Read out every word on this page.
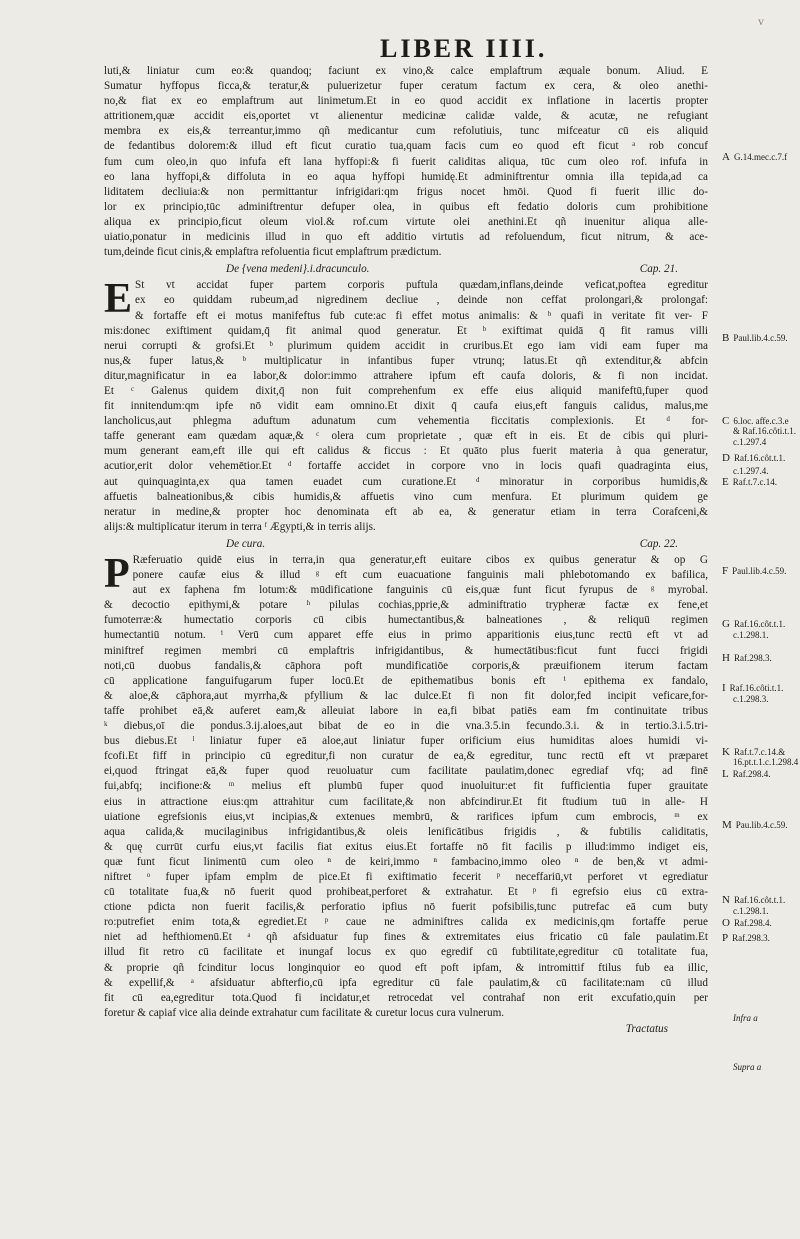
v
LIBER IIII.
luti,& liniatur cum eo:& quandoq; faciunt ex vino,& calce emplaftrum æquale bonum. Aliud. E
Sumatur hyffopus ficca,& teratur,& puluerizetur fuper ceratum factum ex cera, & oleo anethi-
no,& fiat ex eo emplaftrum aut linimetum.Et in eo quod accidit ex inflatione in lacertis propter
attritionem,quæ accidit eis,oportet vt alienentur medicinæ calidæ valde, & acutæ, ne refugiant
membra ex eis,& terreantur,immo qñ medicantur cum refolutiuis, tunc mifceatur cū eis aliquid
de fedantibus dolorem:& illud eft ficut curatio tua,quam facis cum eo quod eft ficut ᵃ rob concuf
fum cum oleo,in quo infufa eft lana hyffopi:& fi fuerit caliditas aliqua, tūc cum oleo rof. infufa in
eo lana hyffopi,& diffoluta in eo aqua hyffopi humidę.Et adminiftrentur omnia illa tepida,ad ca
liditatem decliuia:& non permittantur infrigidari:qm frigus nocet hmōi. Quod fi fuerit illic do-
lor ex principio,tūc adminiftrentur defuper olea, in quibus eft fedatio doloris cum prohibitione
aliqua ex principio,ficut oleum viol.& rof.cum virtute olei anethini.Et qñ inuenitur aliqua alle-
uiatio,ponatur in medicinis illud in quo eft additio virtutis ad refoluendum, ficut nitrum, & ace-
tum,deinde ficut cinis,& emplaftra refoluentia ficut emplaftrum prædictum.
De {vena medeni}.i.dracunculo.	Cap. 21.
E St vt accidat fuper partem corporis puftula quædam,inflans,deinde veficat,poftea egreditur
ex eo quiddam rubeum,ad nigredinem decliue , deinde non ceffat prolongari,& prolongaf:
& fortaffe eft ei motus manifeftus fub cute:ac fi effet motus animalis: & ᵇ quafi in veritate fit ver- F
mis:donec exiftiment quidam,q̄ fit animal quod generatur. Et ᵇ exiftimat quidā q̄ fit ramus villi
nerui corrupti & grofsi.Et ᵇ plurimum quidem accidit in cruribus.Et ego iam vidi eam fuper ma
nus,& fuper latus,& ᵇ multiplicatur in infantibus fuper vtrunq; latus.Et qñ extenditur,& abfcin
ditur,magnificatur in ea labor,& dolor:immo attrahere ipfum eft caufa doloris, & fi non incidat.
Et ᶜ Galenus quidem dixit,q̄ non fuit comprehenfum ex effe eius aliquid manifeftū,fuper quod
fit innitendum:qm ipfe nō vidit eam omnino.Et dixit q̄ caufa eius,eft fanguis calidus, malus,me
lancholicus,aut phlegma aduftum adunatum cum vehementia ficcitatis complexionis. Et ᵈ for-
taffe generant eam quædam aquæ,& ᶜ olera cum proprietate , quæ eft in eis. Et de cibis qui pluri-
mum generant eam,eft ille qui eft calidus & ficcus : Et quāto plus fuerit materia à qua generatur,
acutior,erit dolor vehemētior.Et ᵈ fortaffe accidet in corpore vno in locis quafi quadraginta eius,
aut quinquaginta,ex qua tamen euadet cum curatione.Et ᵈ minoratur in corporibus humidis,&
affuetis balneationibus,& cibis humidis,& affuetis vino cum menfura. Et plurimum quidem ge
neratur in medine,& propter hoc denominata eft ab ea, & generatur etiam in terra Corafceni,&
alijs:& multiplicatur iterum in terra ᶠ Ægypti,& in terris alijs.
De cura.	Cap. 22.
P Ræferuatio quidē eius in terra,in qua generatur,eft euitare cibos ex quibus generatur & op G
ponere caufæ eius & illud ᵍ eft cum euacuatione fanguinis mali phlebotomando ex bafilica,
aut ex faphena fm lotum:& mūdificatione fanguinis cū eis,quæ funt ficut fyrupus de ᵍ myrobal.
& decoctio epithymi,& potare ʰ pilulas cochias,pprie,& adminiftratio trypheræ factæ ex fene,et
fumoterræ:& humectatio corporis cū cibis humectantibus,& balneationes , & reliquū regimen
humectantiū notum. ⁱ Verū cum apparet effe eius in primo apparitionis eius,tunc rectū eft vt ad
miniftref regimen membri cū emplaftris infrigidantibus, & humectātibus:ficut funt fucci frigidi
noti,cū duobus fandalis,& cāphora poft mundificatiōe corporis,& præuifionem iterum factam
cū applicatione fanguifugarum fuper locū.Et de epithematibus bonis eft ⁱ epithema ex fandalo,
& aloe,& cāphora,aut myrrha,& pfyllium & lac dulce.Et fi non fit dolor,fed incipit veficare,for-
taffe prohibet eā,& auferet eam,& alleuiat labore in ea,fi bibat patiēs eam fm continuitate tribus
ᵏ diebus,oī die pondus.3.ij.aloes,aut bibat de eo in die vna.3.5.in fecundo.3.i. & in tertio.3.i.5.tri-
bus diebus.Et ˡ liniatur fuper eā aloe,aut liniatur fuper orificium eius humiditas aloes humidi vi-
fcofi.Et fiff in principio cū egreditur,fi non curatur de ea,& egreditur, tunc rectū eft vt præparet
ei,quod ftringat eā,& fuper quod reuoluatur cum facilitate paulatim,donec egrediaf vfq; ad finē
fui,abfq; incifione:& ᵐ melius eft plumbū fuper quod inuoluitur:et fit fufficientia fuper grauitate
eius in attractione eius:qm attrahitur cum facilitate,& non abfcindirur.Et fit ftudium tuū in alle- H
uiatione egrefsionis eius,vt incipias,& extenues membrū, & rarifices ipfum cum embrocis, ᵐ ex
aqua calida,& mucilaginibus infrigidantibus,& oleis lenificātibus frigidis , & fubtilis caliditatis,
& quę currūt curfu eius,vt facilis fiat exitus eius.Et fortaffe nō fit facilis p illud:immo indiget eis,
quæ funt ficut linimentū cum oleo ⁿ de keiri,immo ⁿ fambacino,immo oleo ⁿ de ben,& vt admi-
niftret ᵒ fuper ipfam emplm de pice.Et fi exiftimatio fecerit ᵖ neceffariū,vt perforet vt egrediatur
cū totalitate fua,& nō fuerit quod prohibeat,perforet & extrahatur. Et ᵖ fi egrefsio eius cū extra-
ctione pdicta non fuerit facilis,& perforatio ipfius nō fuerit pofsibilis,tunc putrefac eā cum buty
ro:putrefiet enim tota,& egrediet.Et ᵖ caue ne adminiftres calida ex medicinis,qm fortaffe perue
niet ad hefthiomenū.Et ᵃ qñ afsiduatur fup fines & extremitates eius fricatio cū fale paulatim.Et
illud fit retro cū facilitate et inungaf locus ex quo egredif cū fubtilitate,egreditur cū totalitate fua,
& proprie qñ fcinditur locus longinquior eo quod eft poft ipfam, & intromittif ftilus fub ea illic,
& expellif,& ᵃ afsiduatur abfterfio,cū ipfa egreditur cū fale paulatim,& cū facilitate:nam cū illud
fit cū ea,egreditur tota.Quod fi incidatur,et retrocedat vel contrahaf non erit excufatio,quin per
foretur & capiaf vice alia deinde extrahatur cum facilitate & curetur locus cura vulnerum.
Tractatus
A G.14.mec.c.7.f
B Paul.lib.4.c.59.
C 6.loc. affe.c.3.e
& Raf.16.côti.t.1.
c.1.297.4
D Raf.16.côt.t.1.
c.1.297.4.
E Raf.t.7.c.14.
F Paul.lib.4.c.59.
G Raf.16.côt.t.1.
c.1.298.1.
H Raf.298.3.
I Raf.16.côti.t.1.
c.1.298.3.
K Raf.t.7.c.14.&
16.pt.t.1.c.1.298.4
L Raf.298.4.
M Pau.lib.4.c.59.
N Raf.16.côt.t.1.
c.1.298.1.
O Raf.298.4.
P Raf.298.3.
Infra a
Supra a
